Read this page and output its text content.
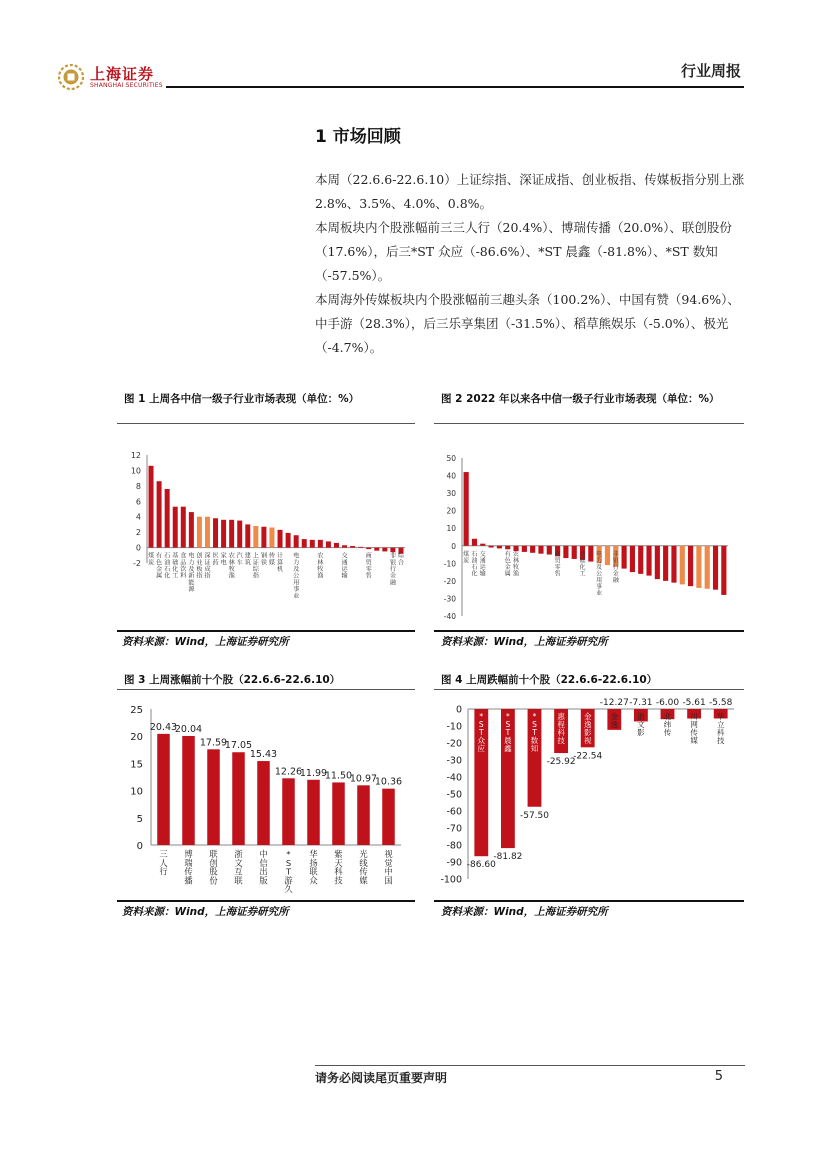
上海证券
SHANGHAI SECURITIES
行业周报
1 市场回顾
本周（22.6.6-22.6.10）上证综指、深证成指、创业板指、传媒板指分别上涨 2.8%、3.5%、4.0%、0.8%。
本周板块内个股涨幅前三三人行（20.4%）、博瑞传播（20.0%）、联创股份（17.6%），后三*ST 众应（-86.6%）、*ST 晨鑫（-81.8%）、*ST 数知（-57.5%）。
本周海外传媒板块内个股涨幅前三趣头条（100.2%）、中国有赞（94.6%）、中手游（28.3%），后三乐享集团（-31.5%）、稻草熊娱乐（-5.0%）、极光（-4.7%）。
图 1 上周各中信一级子行业市场表现（单位：%）
-2
0
2
4
6
8
10
12
煤炭
有色金属
石油石化
基础化工
食品饮料
电力及新能源
创业板指
深证成指
医药
家电
农林牧渔
汽车
建筑
上证综指
钢铁
传媒
计算机
电力及公用事业
农林牧渔
交通运输
商贸零售
非银行金融
综合
资料来源：Wind，上海证券研究所
图 2 2022 年以来各中信一级子行业市场表现（单位：%）
-40
-30
-20
-10
0
10
20
30
40
50
煤炭
石油石化
交通运输
有色金属
农林牧渔
商贸零售
基础化工
电力及公用事业
非银行金融
资料来源：Wind，上海证券研究所
图 3 上周涨幅前十个股（22.6.6-22.6.10）
0
5
10
15
20
25
20.43
三人行
20.04
博瑞传播
17.59
联创股份
17.05
浙文互联
15.43
中信出版
12.26
* S T 游久
11.99
华扬联众
11.50
紫天科技
10.97
光线传媒
10.36
视觉中国
资料来源：Wind，上海证券研究所
图 4 上周跌幅前十个股（22.6.6-22.6.10）
-100
-90
-80
-70
-60
-50
-40
-30
-20
-10
0
-86.60
* S T 众应
-81.82
* S T 晨鑫
-57.50
* S T 数知
-25.92
惠程科技
-22.54
金逸影视
-12.27
金逸
-7.31
浙文影
-6.00
北纬传
-5.61
川网传媒
-5.58
华立科技
资料来源：Wind，上海证券研究所
请务必阅读尾页重要声明	5
